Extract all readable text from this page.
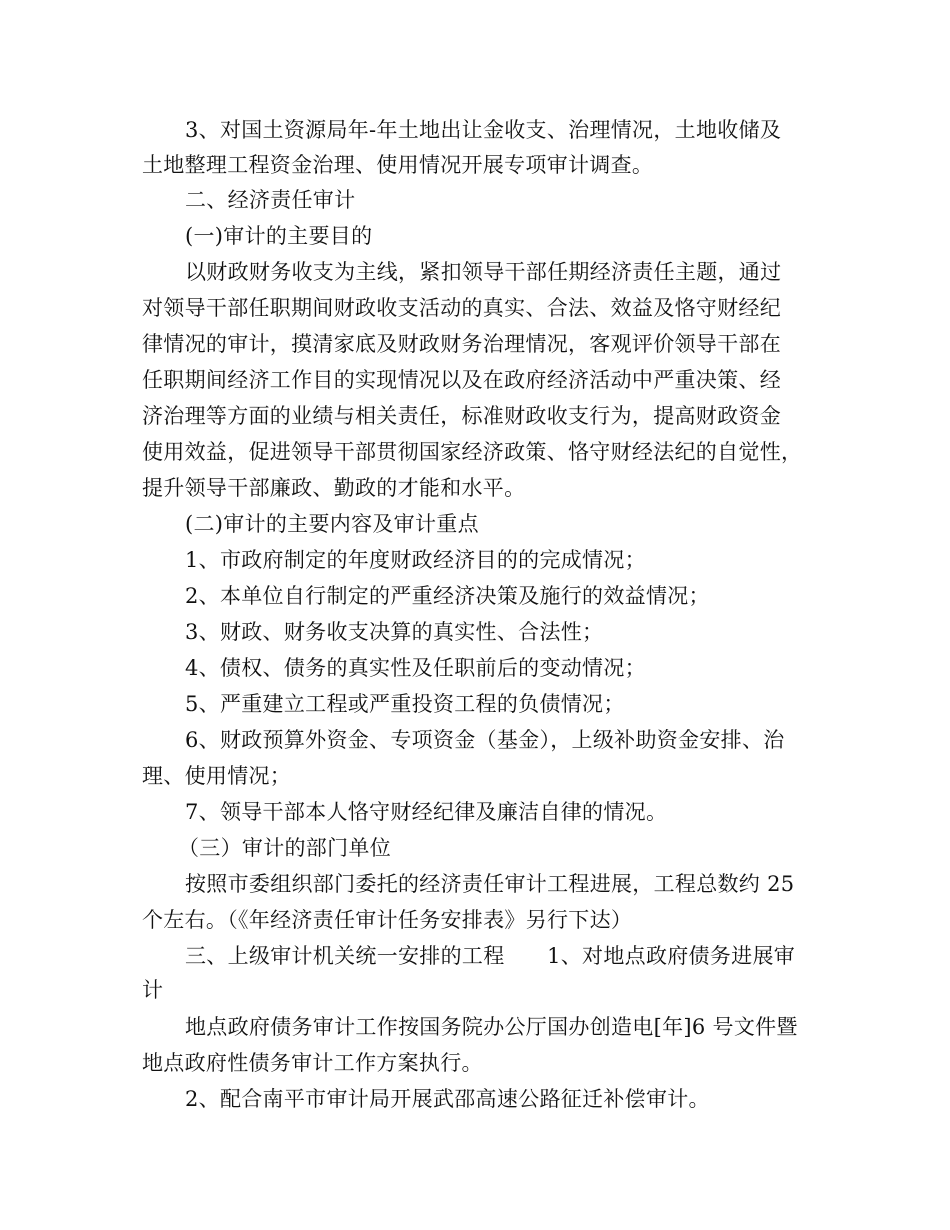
3、对国土资源局年-年土地出让金收支、治理情况，土地收储及
土地整理工程资金治理、使用情况开展专项审计调查。
二、经济责任审计
(一)审计的主要目的
以财政财务收支为主线，紧扣领导干部任期经济责任主题，通过
对领导干部任职期间财政收支活动的真实、合法、效益及恪守财经纪
律情况的审计，摸清家底及财政财务治理情况，客观评价领导干部在
任职期间经济工作目的实现情况以及在政府经济活动中严重决策、经
济治理等方面的业绩与相关责任，标准财政收支行为，提高财政资金
使用效益，促进领导干部贯彻国家经济政策、恪守财经法纪的自觉性，
提升领导干部廉政、勤政的才能和水平。
(二)审计的主要内容及审计重点
1、市政府制定的年度财政经济目的的完成情况；
2、本单位自行制定的严重经济决策及施行的效益情况；
3、财政、财务收支决算的真实性、合法性；
4、债权、债务的真实性及任职前后的变动情况；
5、严重建立工程或严重投资工程的负债情况；
6、财政预算外资金、专项资金（基金），上级补助资金安排、治
理、使用情况；
7、领导干部本人恪守财经纪律及廉洁自律的情况。
（三）审计的部门单位
按照市委组织部门委托的经济责任审计工程进展，工程总数约 25
个左右。（《年经济责任审计任务安排表》另行下达）
三、上级审计机关统一安排的工程　　1、对地点政府债务进展审
计
地点政府债务审计工作按国务院办公厅国办创造电[年]6 号文件暨
地点政府性债务审计工作方案执行。
2、配合南平市审计局开展武邵高速公路征迁补偿审计。
